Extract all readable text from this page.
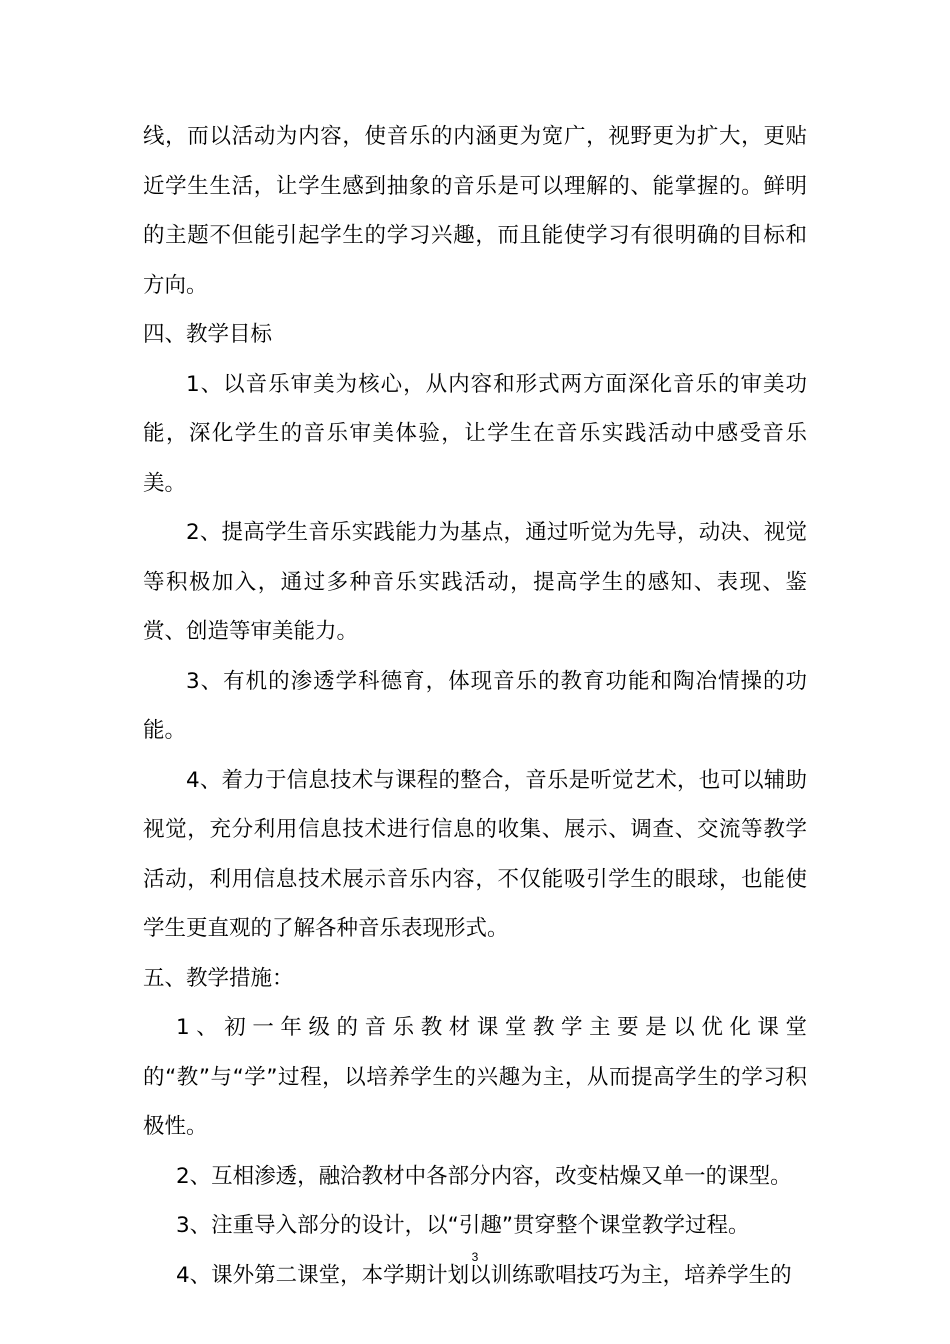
线，而以活动为内容，使音乐的内涵更为宽广，视野更为扩大，更贴近学生生活，让学生感到抽象的音乐是可以理解的、能掌握的。鲜明的主题不但能引起学生的学习兴趣，而且能使学习有很明确的目标和方向。

四、教学目标

1、以音乐审美为核心，从内容和形式两方面深化音乐的审美功能，深化学生的音乐审美体验，让学生在音乐实践活动中感受音乐美。

2、提高学生音乐实践能力为基点，通过听觉为先导，动决、视觉等积极加入，通过多种音乐实践活动，提高学生的感知、表现、鉴赏、创造等审美能力。

3、有机的渗透学科德育，体现音乐的教育功能和陶冶情操的功能。

4、着力于信息技术与课程的整合，音乐是听觉艺术，也可以辅助视觉，充分利用信息技术进行信息的收集、展示、调查、交流等教学活动，利用信息技术展示音乐内容，不仅能吸引学生的眼球，也能使学生更直观的了解各种音乐表现形式。

五、教学措施：

1、初一年级的音乐教材课堂教学主要是以优化课堂的“教”与“学”过程，以培养学生的兴趣为主，从而提高学生的学习积极性。

2、互相渗透，融洽教材中各部分内容，改变枯燥又单一的课型。

3、注重导入部分的设计，以“引趣”贯穿整个课堂教学过程。

4、课外第二课堂，本学期计划以训练歌唱技巧为主，培养学生的

3
